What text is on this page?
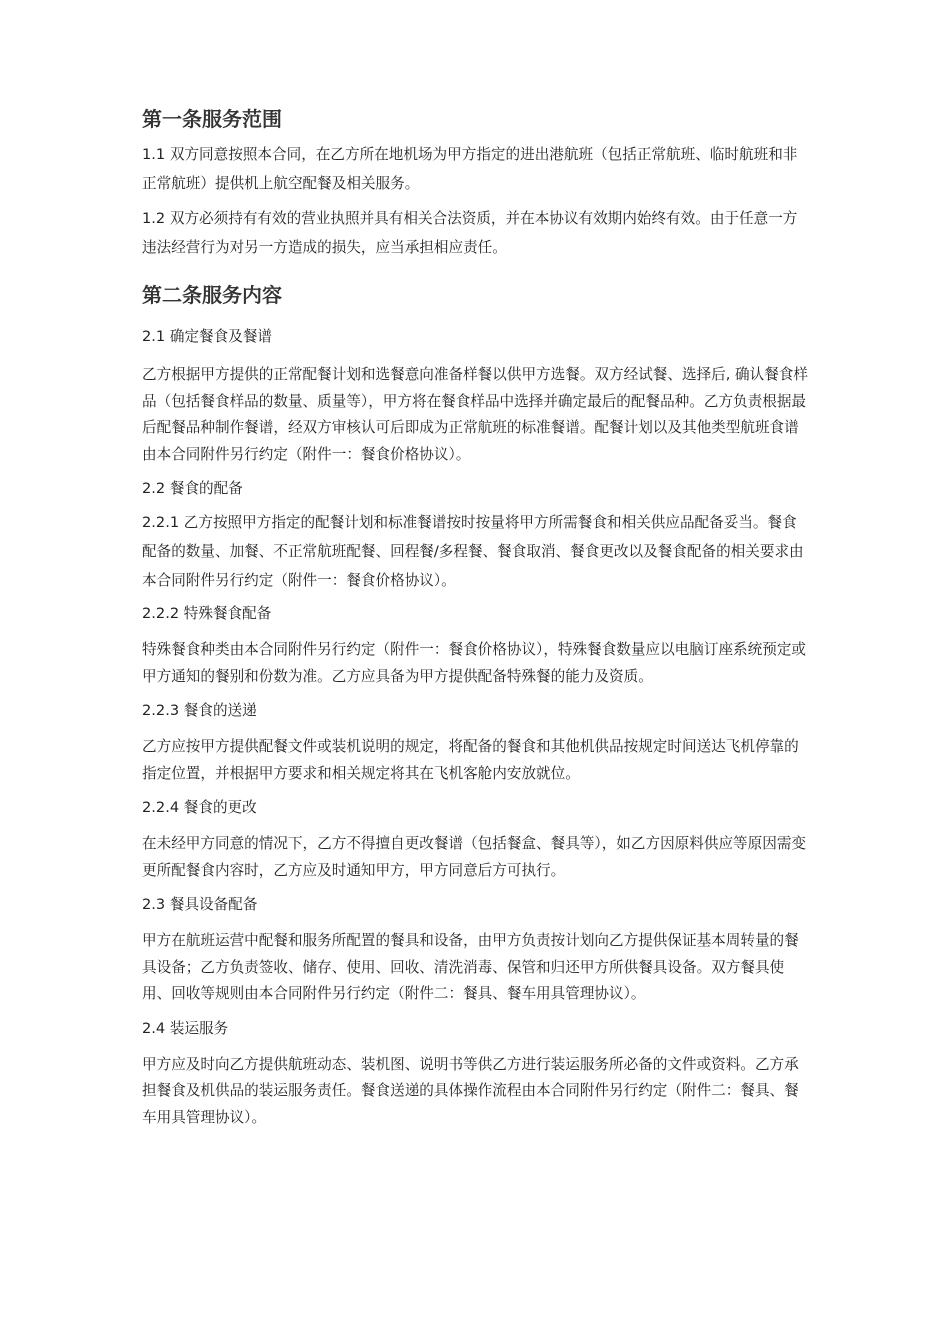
第一条服务范围

1.1 双方同意按照本合同，在乙方所在地机场为甲方指定的进出港航班（包括正常航班、临时航班和非正常航班）提供机上航空配餐及相关服务。

1.2 双方必须持有有效的营业执照并具有相关合法资质，并在本协议有效期内始终有效。由于任意一方违法经营行为对另一方造成的损失，应当承担相应责任。

第二条服务内容

2.1 确定餐食及餐谱

乙方根据甲方提供的正常配餐计划和选餐意向准备样餐以供甲方选餐。双方经试餐、选择后, 确认餐食样品（包括餐食样品的数量、质量等），甲方将在餐食样品中选择并确定最后的配餐品种。乙方负责根据最后配餐品种制作餐谱，经双方审核认可后即成为正常航班的标准餐谱。配餐计划以及其他类型航班食谱由本合同附件另行约定（附件一：餐食价格协议）。

2.2 餐食的配备

2.2.1 乙方按照甲方指定的配餐计划和标准餐谱按时按量将甲方所需餐食和相关供应品配备妥当。餐食配备的数量、加餐、不正常航班配餐、回程餐/多程餐、餐食取消、餐食更改以及餐食配备的相关要求由本合同附件另行约定（附件一：餐食价格协议）。

2.2.2 特殊餐食配备

特殊餐食种类由本合同附件另行约定（附件一：餐食价格协议），特殊餐食数量应以电脑订座系统预定或甲方通知的餐别和份数为准。乙方应具备为甲方提供配备特殊餐的能力及资质。

2.2.3 餐食的送递

乙方应按甲方提供配餐文件或装机说明的规定，将配备的餐食和其他机供品按规定时间送达飞机停靠的指定位置，并根据甲方要求和相关规定将其在飞机客舱内安放就位。

2.2.4 餐食的更改

在未经甲方同意的情况下，乙方不得擅自更改餐谱（包括餐盒、餐具等），如乙方因原料供应等原因需变更所配餐食内容时，乙方应及时通知甲方，甲方同意后方可执行。

2.3 餐具设备配备

甲方在航班运营中配餐和服务所配置的餐具和设备，由甲方负责按计划向乙方提供保证基本周转量的餐具设备；乙方负责签收、储存、使用、回收、清洗消毒、保管和归还甲方所供餐具设备。双方餐具使用、回收等规则由本合同附件另行约定（附件二：餐具、餐车用具管理协议）。

2.4 装运服务

甲方应及时向乙方提供航班动态、装机图、说明书等供乙方进行装运服务所必备的文件或资料。乙方承担餐食及机供品的装运服务责任。餐食送递的具体操作流程由本合同附件另行约定（附件二：餐具、餐车用具管理协议）。
